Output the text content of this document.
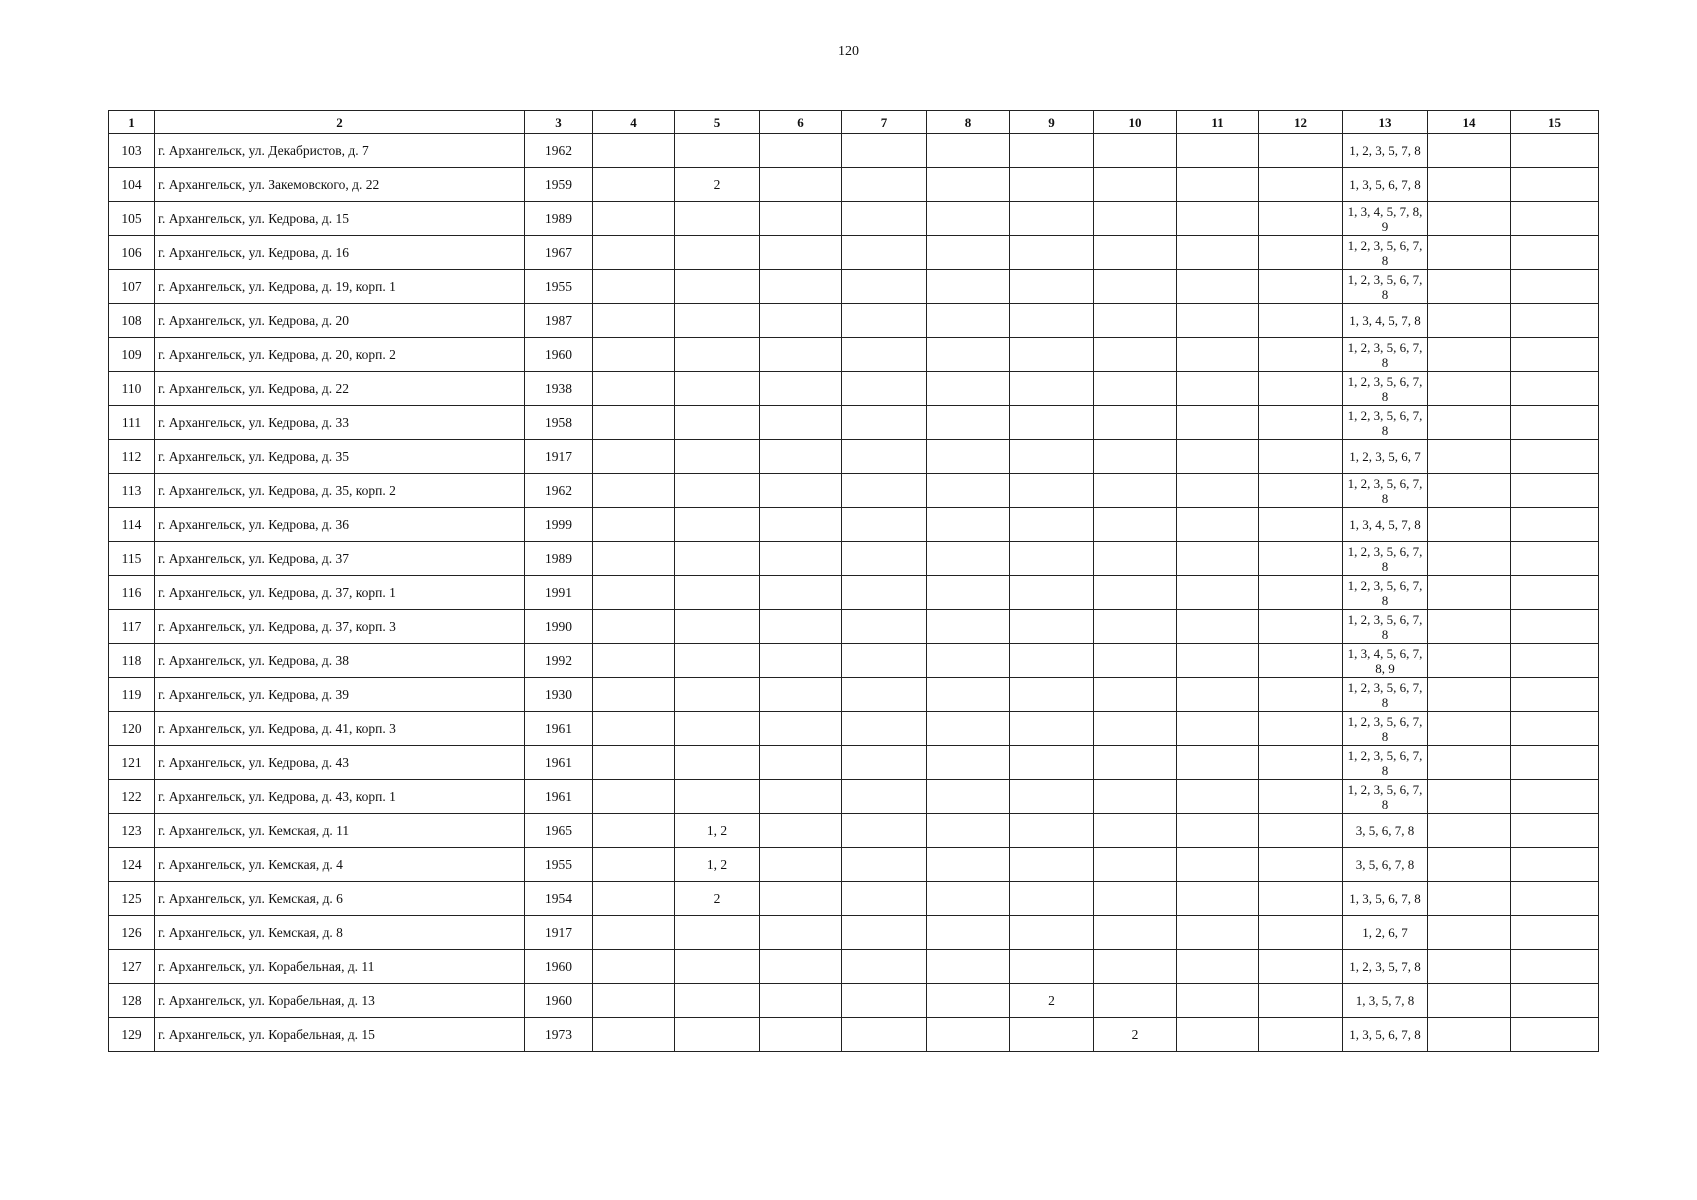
120
1	2	3	4	5	6	7	8	9	10	11	12	13	14	15
103	г. Архангельск, ул. Декабристов, д. 7	1962										1, 2, 3, 5, 7, 8		
104	г. Архангельск, ул. Закемовского, д. 22	1959		2								1, 3, 5, 6, 7, 8		
105	г. Архангельск, ул. Кедрова, д. 15	1989										1, 3, 4, 5, 7, 8, 9		
106	г. Архангельск, ул. Кедрова, д. 16	1967										1, 2, 3, 5, 6, 7, 8		
107	г. Архангельск, ул. Кедрова, д. 19, корп. 1	1955										1, 2, 3, 5, 6, 7, 8		
108	г. Архангельск, ул. Кедрова, д. 20	1987										1, 3, 4, 5, 7, 8		
109	г. Архангельск, ул. Кедрова, д. 20, корп. 2	1960										1, 2, 3, 5, 6, 7, 8		
110	г. Архангельск, ул. Кедрова, д. 22	1938										1, 2, 3, 5, 6, 7, 8		
111	г. Архангельск, ул. Кедрова, д. 33	1958										1, 2, 3, 5, 6, 7, 8		
112	г. Архангельск, ул. Кедрова, д. 35	1917										1, 2, 3, 5, 6, 7		
113	г. Архангельск, ул. Кедрова, д. 35, корп. 2	1962										1, 2, 3, 5, 6, 7, 8		
114	г. Архангельск, ул. Кедрова, д. 36	1999										1, 3, 4, 5, 7, 8		
115	г. Архангельск, ул. Кедрова, д. 37	1989										1, 2, 3, 5, 6, 7, 8		
116	г. Архангельск, ул. Кедрова, д. 37, корп. 1	1991										1, 2, 3, 5, 6, 7, 8		
117	г. Архангельск, ул. Кедрова, д. 37, корп. 3	1990										1, 2, 3, 5, 6, 7, 8		
118	г. Архангельск, ул. Кедрова, д. 38	1992										1, 3, 4, 5, 6, 7, 8, 9		
119	г. Архангельск, ул. Кедрова, д. 39	1930										1, 2, 3, 5, 6, 7, 8		
120	г. Архангельск, ул. Кедрова, д. 41, корп. 3	1961										1, 2, 3, 5, 6, 7, 8		
121	г. Архангельск, ул. Кедрова, д. 43	1961										1, 2, 3, 5, 6, 7, 8		
122	г. Архангельск, ул. Кедрова, д. 43, корп. 1	1961										1, 2, 3, 5, 6, 7, 8		
123	г. Архангельск, ул. Кемская, д. 11	1965		1, 2								3, 5, 6, 7, 8		
124	г. Архангельск, ул. Кемская, д. 4	1955		1, 2								3, 5, 6, 7, 8		
125	г. Архангельск, ул. Кемская, д. 6	1954		2								1, 3, 5, 6, 7, 8		
126	г. Архангельск, ул. Кемская, д. 8	1917										1, 2, 6, 7		
127	г. Архангельск, ул. Корабельная, д. 11	1960										1, 2, 3, 5, 7, 8		
128	г. Архангельск, ул. Корабельная, д. 13	1960						2				1, 3, 5, 7, 8		
129	г. Архангельск, ул. Корабельная, д. 15	1973							2			1, 3, 5, 6, 7, 8		
